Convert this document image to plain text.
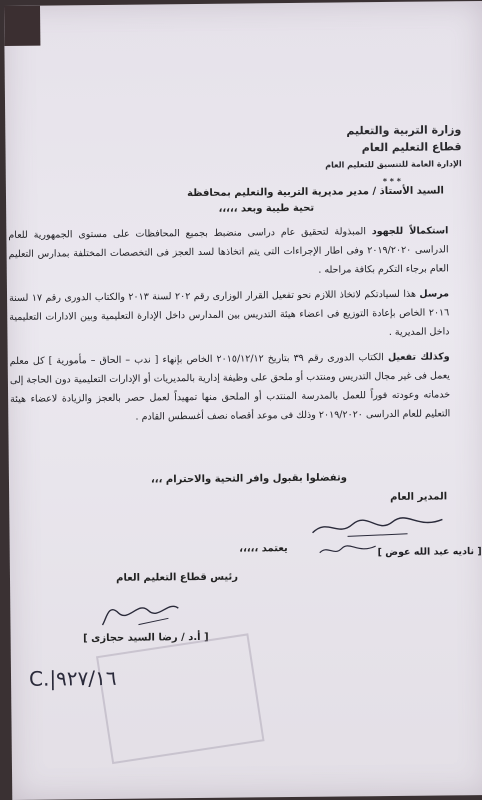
وزارة التربية والتعليم
قطاع التعليم العام
الإدارة العامة للتنسيق للتعليم العام
* * *
السيد الأستاذ / مدير مديرية التربية والتعليم بمحافظة
تحية طيبة وبعد ،،،،،

استكمالاً للجهود المبذولة لتحقيق عام دراسى منضبط بجميع المحافظات على مستوى الجمهورية للعام الدراسى ٢٠١٩/٢٠٢٠ وفى اطار الإجراءات التى يتم اتخاذها لسد العجز فى التخصصات المختلفة بمدارس التعليم العام برجاء التكرم بكافة مراحله .

مرسل هذا لسيادتكم لاتخاذ اللازم نحو تفعيل القرار الوزارى رقم ٢٠٢ لسنة ٢٠١٣ والكتاب الدورى رقم ١٧ لسنة ٢٠١٦ الخاص بإعادة التوزيع فى اعضاء هيئة التدريس بين المدارس داخل الإدارة التعليمية وبين الادارات التعليمية داخل المديرية .

وكذلك تفعيل الكتاب الدورى رقم ٣٩ بتاريخ ٢٠١٥/١٢/١٢ الخاص بإنهاء [ ندب – الحاق – مأمورية ] كل معلم يعمل فى غير مجال التدريس ومنتدب أو ملحق على وظيفة إدارية بالمديريات أو الإدارات التعليمية دون الحاجة إلى خدماته وعودته فوراً للعمل بالمدرسة المنتدب أو الملحق منها تمهيداً لعمل حصر بالعجز والزيادة لاعضاء هيئة التعليم للعام الدراسى ٢٠١٩/٢٠٢٠ وذلك فى موعد أقصاه نصف أغسطس القادم .

وتفضلوا بقبول وافر التحية والاحترام ،،،
المدير العام
يعتمد ،،،،،	[ ناديه عبد الله عوض ]
رئيس قطاع التعليم العام
[ أ.د / رضا السيد حجازى ]
C.|٩٢٧/١٦
